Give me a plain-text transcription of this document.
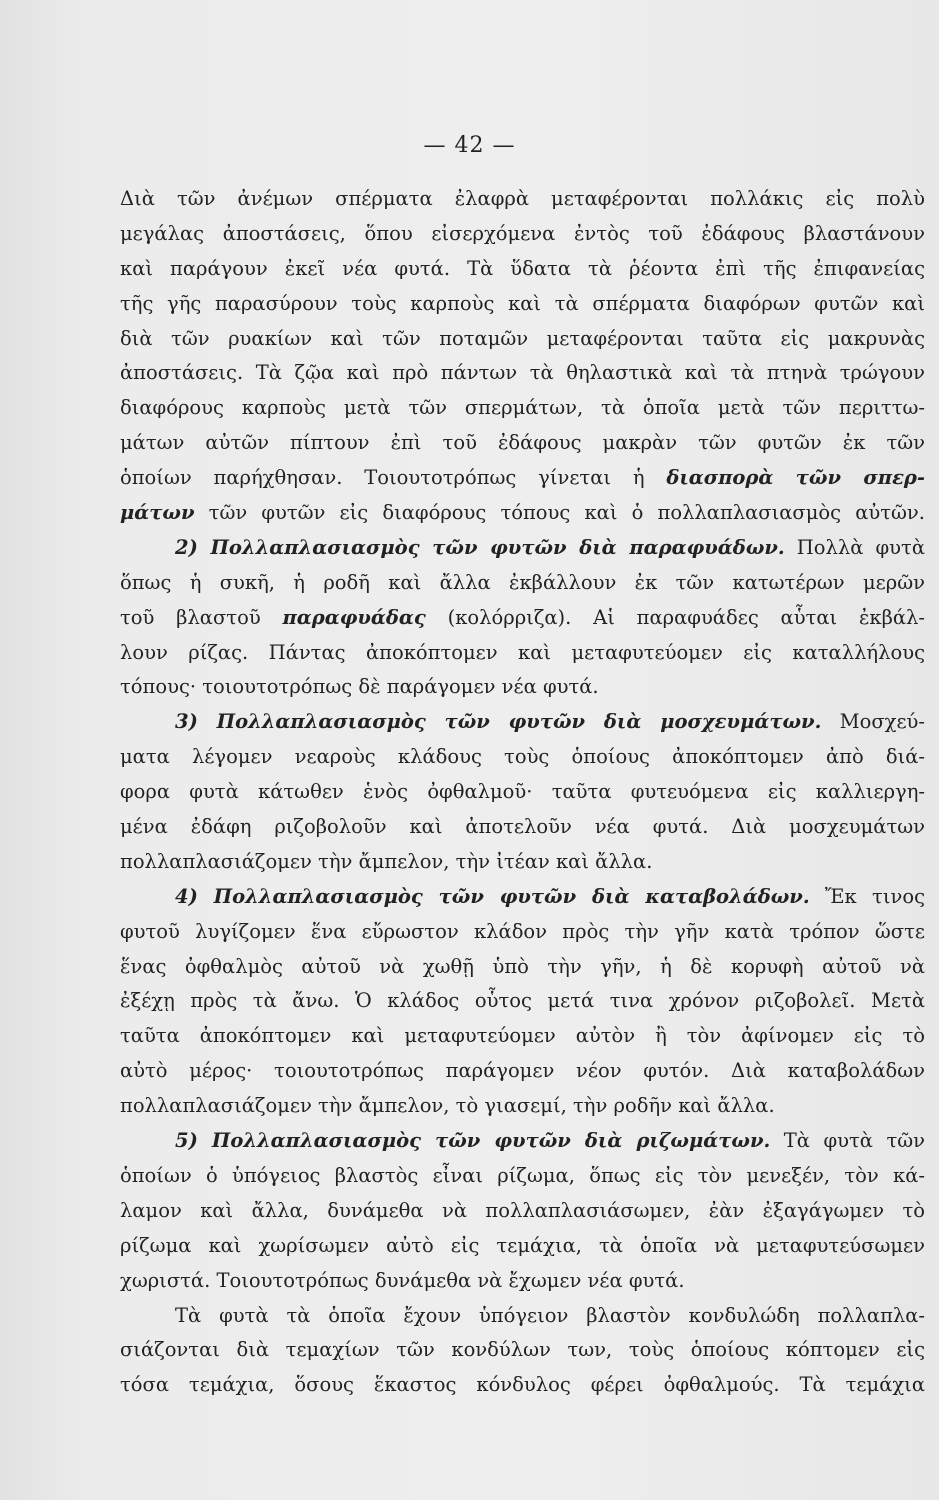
— 42 —
Διὰ τῶν ἀνέμων σπέρματα ἐλαφρὰ μεταφέρονται πολλάκις εἰς πολὺ
μεγάλας ἀποστάσεις, ὅπου εἰσερχόμενα ἐντὸς τοῦ ἐδάφους βλαστάνουν
καὶ παράγουν ἐκεῖ νέα φυτά. Τὰ ὕδατα τὰ ῥέοντα ἐπὶ τῆς ἐπιφανείας
τῆς γῆς παρασύρουν τοὺς καρποὺς καὶ τὰ σπέρματα διαφόρων φυτῶν καὶ
διὰ τῶν ρυακίων καὶ τῶν ποταμῶν μεταφέρονται ταῦτα εἰς μακρυνὰς
ἀποστάσεις. Τὰ ζῷα καὶ πρὸ πάντων τὰ θηλαστικὰ καὶ τὰ πτηνὰ τρώγουν
διαφόρους καρποὺς μετὰ τῶν σπερμάτων, τὰ ὁποῖα μετὰ τῶν περιττω-
μάτων αὐτῶν πίπτουν ἐπὶ τοῦ ἐδάφους μακρὰν τῶν φυτῶν ἐκ τῶν
ὁποίων παρήχθησαν. Τοιουτοτρόπως γίνεται ἡ διασπορὰ τῶν σπερ-
μάτων τῶν φυτῶν εἰς διαφόρους τόπους καὶ ὁ πολλαπλασιασμὸς αὐτῶν.
2) Πολλαπλασιασμὸς τῶν φυτῶν διὰ παραφυάδων. Πολλὰ φυτὰ
ὅπως ἡ συκῆ, ἡ ροδῆ καὶ ἄλλα ἐκβάλλουν ἐκ τῶν κατωτέρων μερῶν
τοῦ βλαστοῦ παραφυάδας (κολόρριζα). Αἱ παραφυάδες αὗται ἐκβάλ-
λουν ρίζας. Πάντας ἀποκόπτομεν καὶ μεταφυτεύομεν εἰς καταλλήλους
τόπους· τοιουτοτρόπως δὲ παράγομεν νέα φυτά.
3) Πολλαπλασιασμὸς τῶν φυτῶν διὰ μοσχευμάτων. Μοσχεύ-
ματα λέγομεν νεαροὺς κλάδους τοὺς ὁποίους ἀποκόπτομεν ἀπὸ διά-
φορα φυτὰ κάτωθεν ἑνὸς ὀφθαλμοῦ· ταῦτα φυτευόμενα εἰς καλλιεργη-
μένα ἐδάφη ριζοβολοῦν καὶ ἀποτελοῦν νέα φυτά. Διὰ μοσχευμάτων
πολλαπλασιάζομεν τὴν ἄμπελον, τὴν ἰτέαν καὶ ἄλλα.
4) Πολλαπλασιασμὸς τῶν φυτῶν διὰ καταβολάδων. Ἔκ τινος
φυτοῦ λυγίζομεν ἕνα εὔρωστον κλάδον πρὸς τὴν γῆν κατὰ τρόπον ὥστε
ἕνας ὀφθαλμὸς αὐτοῦ νὰ χωθῇ ὑπὸ τὴν γῆν, ἡ δὲ κορυφὴ αὐτοῦ νὰ
ἐξέχῃ πρὸς τὰ ἄνω. Ὁ κλάδος οὗτος μετά τινα χρόνον ριζοβολεῖ. Μετὰ
ταῦτα ἀποκόπτομεν καὶ μεταφυτεύομεν αὐτὸν ἢ τὸν ἀφίνομεν εἰς τὸ
αὐτὸ μέρος· τοιουτοτρόπως παράγομεν νέον φυτόν. Διὰ καταβολάδων
πολλαπλασιάζομεν τὴν ἄμπελον, τὸ γιασεμί, τὴν ροδῆν καὶ ἄλλα.
5) Πολλαπλασιασμὸς τῶν φυτῶν διὰ ριζωμάτων. Τὰ φυτὰ τῶν
ὁποίων ὁ ὑπόγειος βλαστὸς εἶναι ρίζωμα, ὅπως εἰς τὸν μενεξέν, τὸν κά-
λαμον καὶ ἄλλα, δυνάμεθα νὰ πολλαπλασιάσωμεν, ἐὰν ἐξαγάγωμεν τὸ
ρίζωμα καὶ χωρίσωμεν αὐτὸ εἰς τεμάχια, τὰ ὁποῖα νὰ μεταφυτεύσωμεν
χωριστά. Τοιουτοτρόπως δυνάμεθα νὰ ἔχωμεν νέα φυτά.
Τὰ φυτὰ τὰ ὁποῖα ἔχουν ὑπόγειον βλαστὸν κονδυλώδη πολλαπλα-
σιάζονται διὰ τεμαχίων τῶν κονδύλων των, τοὺς ὁποίους κόπτομεν εἰς
τόσα τεμάχια, ὅσους ἕκαστος κόνδυλος φέρει ὀφθαλμούς. Τὰ τεμάχια
